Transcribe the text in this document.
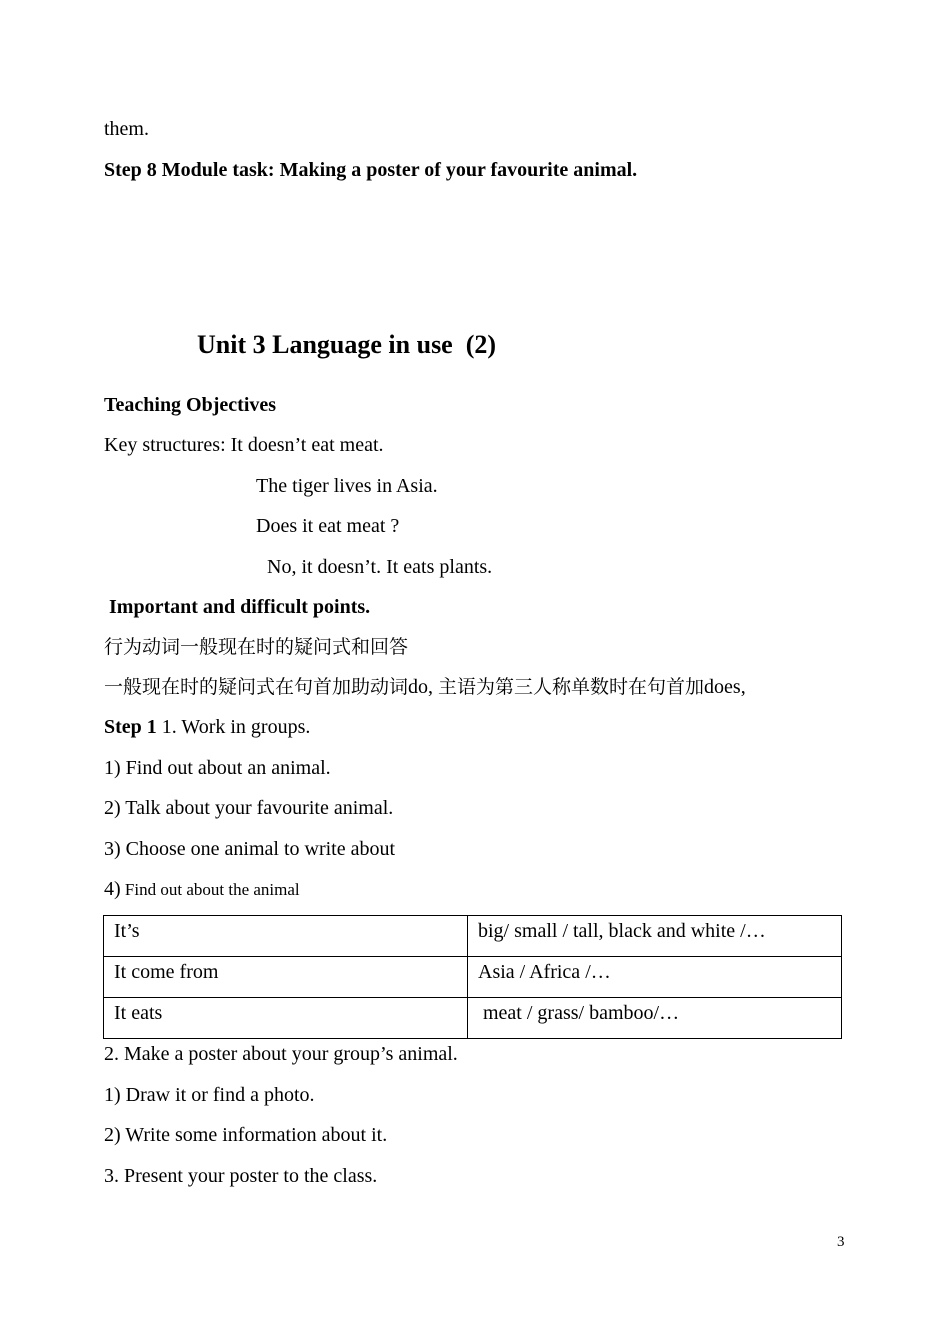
them.
Step 8 Module task: Making a poster of your favourite animal.
Unit 3 Language in use  (2)
Teaching Objectives
Key structures: It doesn’t eat meat.
The tiger lives in Asia.
Does it eat meat ?
No, it doesn’t. It eats plants.
Important and difficult points.
行为动词一般现在时的疑问式和回答
一般现在时的疑问式在句首加助动词do, 主语为第三人称单数时在句首加does,
Step 1 1. Work in groups.
1) Find out about an animal.
2) Talk about your favourite animal.
3) Choose one animal to write about
4) Find out about the animal
It’s	big/ small / tall, black and white /…
It come from	Asia / Africa /…
It eats	meat / grass/ bamboo/…
2. Make a poster about your group’s animal.
1) Draw it or find a photo.
2) Write some information about it.
3. Present your poster to the class.
3
